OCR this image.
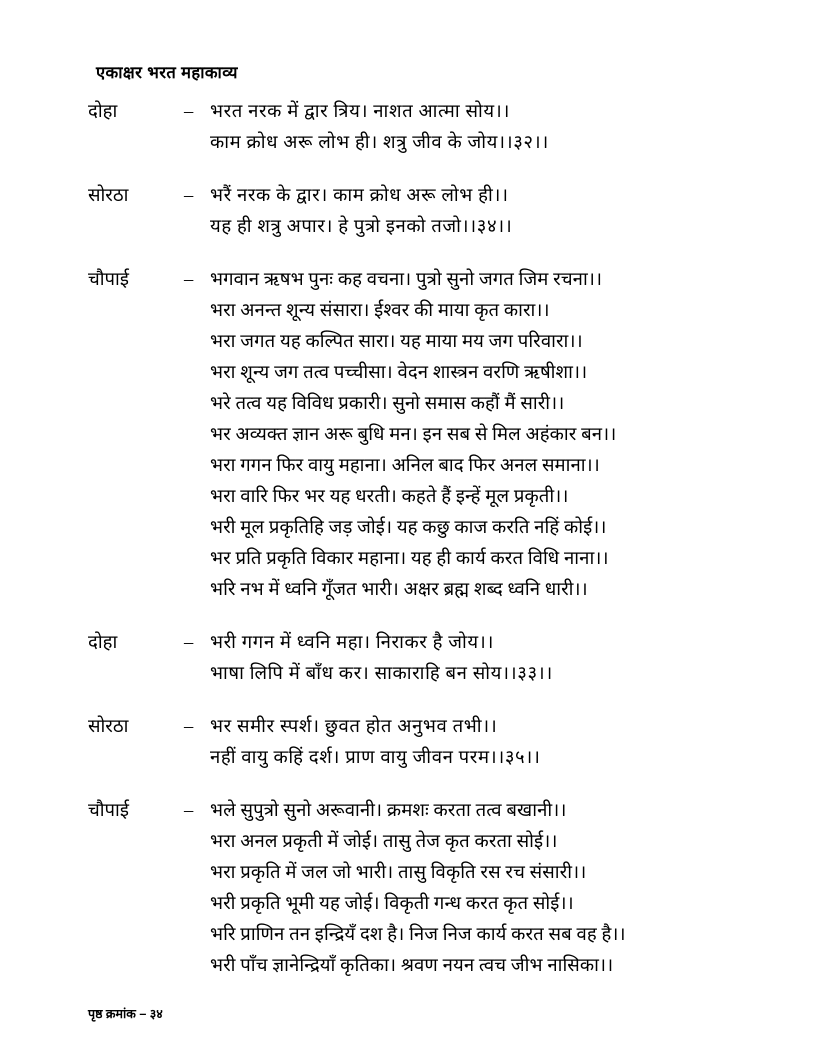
एकाक्षर भरत महाकाव्य
दोहा	– भरत नरक में द्वार त्रिय। नाशत आत्मा सोय।।
काम क्रोध अरू लोभ ही। शत्रु जीव के जोय।।३२।।
सोरठा	– भरैं नरक के द्वार। काम क्रोध अरू लोभ ही।।
यह ही शत्रु अपार। हे पुत्रो इनको तजो।।३४।।
चौपाई	– भगवान ऋषभ पुनः कह वचना। पुत्रो सुनो जगत जिम रचना।।
भरा अनन्त शून्य संसारा। ईश्वर की माया कृत कारा।।
भरा जगत यह कल्पित सारा। यह माया मय जग परिवारा।।
भरा शून्य जग तत्व पच्चीसा। वेदन शास्त्रन वरणि ऋषीशा।।
भरे तत्व यह विविध प्रकारी। सुनो समास कहौं मैं सारी।।
भर अव्यक्त ज्ञान अरू बुधि मन। इन सब से मिल अहंकार बन।।
भरा गगन फिर वायु महाना। अनिल बाद फिर अनल समाना।।
भरा वारि फिर भर यह धरती। कहते हैं इन्हें मूल प्रकृती।।
भरी मूल प्रकृतिहि जड़ जोई। यह कछु काज करति नहिं कोई।।
भर प्रति प्रकृति विकार महाना। यह ही कार्य करत विधि नाना।।
भरि नभ में ध्वनि गूँजत भारी। अक्षर ब्रह्म शब्द ध्वनि धारी।।
दोहा	– भरी गगन में ध्वनि महा। निराकर है जोय।।
भाषा लिपि में बाँध कर। साकाराहि बन सोय।।३३।।
सोरठा	– भर समीर स्पर्श। छुवत होत अनुभव तभी।।
नहीं वायु कहिं दर्श। प्राण वायु जीवन परम।।३५।।
चौपाई	– भले सुपुत्रो सुनो अरूवानी। क्रमशः करता तत्व बखानी।।
भरा अनल प्रकृती में जोई। तासु तेज कृत करता सोई।।
भरा प्रकृति में जल जो भारी। तासु विकृति रस रच संसारी।।
भरी प्रकृति भूमी यह जोई। विकृती गन्ध करत कृत सोई।।
भरि प्राणिन तन इन्द्रियँ दश है। निज निज कार्य करत सब वह है।।
भरी पाँच ज्ञानेन्द्रियाँ कृतिका। श्रवण नयन त्वच जीभ नासिका।।
पृष्ठ क्रमांक – ३४
